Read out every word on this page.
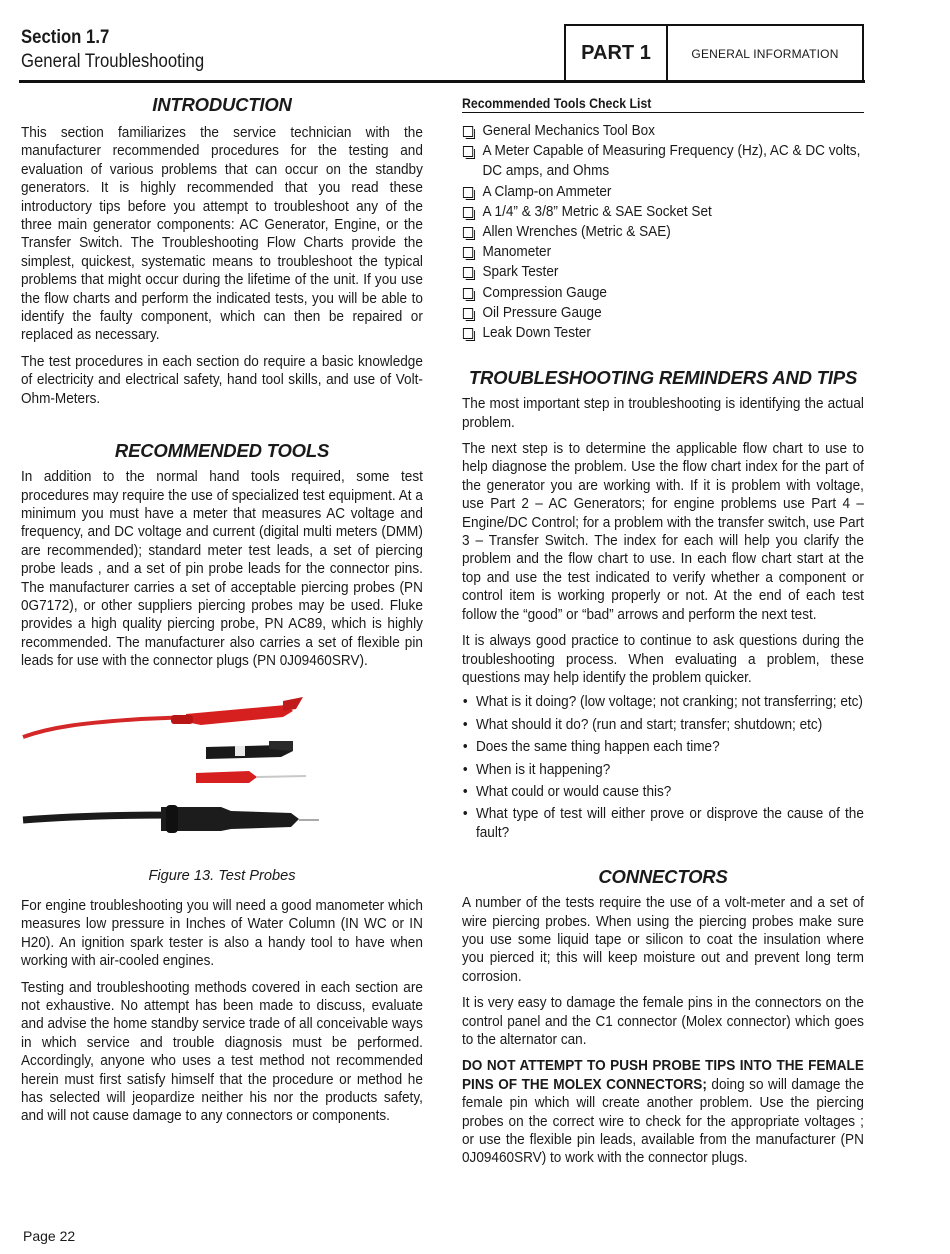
Section 1.7
General Troubleshooting	PART 1	GENERAL INFORMATION
INTRODUCTION

This section familiarizes the service technician with the manufacturer recommended procedures for the testing and evaluation of various problems that can occur on the standby generators. It is highly recommended that you read these introductory tips before you attempt to troubleshoot any of the three main generator components: AC Generator, Engine, or the Transfer Switch. The Troubleshooting Flow Charts provide the simplest, quickest, systematic means to troubleshoot the typical problems that might occur during the lifetime of the unit. If you use the flow charts and perform the indicated tests, you will be able to identify the faulty component, which can then be repaired or replaced as necessary.

The test procedures in each section do require a basic knowledge of electricity and electrical safety, hand tool skills, and use of Volt-Ohm-Meters.

RECOMMENDED TOOLS

In addition to the normal hand tools required, some test procedures may require the use of specialized test equipment. At a minimum you must have a meter that measures AC voltage and frequency, and DC voltage and current (digital multi meters (DMM) are recommended); standard meter test leads, a set of piercing probe leads , and a set of pin probe leads for the connector pins. The manufacturer carries a set of acceptable piercing probes (PN 0G7172), or other suppliers piercing probes may be used. Fluke provides a high quality piercing probe, PN AC89, which is highly recommended. The manufacturer also carries a set of flexible pin leads for use with the connector plugs (PN 0J09460SRV).

Figure 13. Test Probes

For engine troubleshooting you will need a good manometer which measures low pressure in Inches of Water Column (IN WC or IN H20). An ignition spark tester is also a handy tool to have when working with air-cooled engines.

Testing and troubleshooting methods covered in each section are not exhaustive. No attempt has been made to discuss, evaluate and advise the home standby service trade of all conceivable ways in which service and trouble diagnosis must be performed. Accordingly, anyone who uses a test method not recommended herein must first satisfy himself that the procedure or method he has selected will jeopardize neither his nor the products safety, and will not cause damage to any connectors or components.

Recommended Tools Check List
General Mechanics Tool Box
A Meter Capable of Measuring Frequency (Hz), AC & DC volts, DC amps, and Ohms
A Clamp-on Ammeter
A 1/4” & 3/8” Metric & SAE Socket Set
Allen Wrenches (Metric & SAE)
Manometer
Spark Tester
Compression Gauge
Oil Pressure Gauge
Leak Down Tester
TROUBLESHOOTING REMINDERS AND TIPS

The most important step in troubleshooting is identifying the actual problem.

The next step is to determine the applicable flow chart to use to help diagnose the problem. Use the flow chart index for the part of the generator you are working with. If it is problem with voltage, use Part 2 – AC Generators; for engine problems use Part 4 – Engine/DC Control; for a problem with the transfer switch, use Part 3 – Transfer Switch. The index for each will help you clarify the problem and the flow chart to use. In each flow chart start at the top and use the test indicated to verify whether a component or control item is working properly or not. At the end of each test follow the “good” or “bad” arrows and perform the next test.

It is always good practice to continue to ask questions during the troubleshooting process. When evaluating a problem, these questions may help identify the problem quicker.

• What is it doing? (low voltage; not cranking; not transferring; etc)
• What should it do? (run and start; transfer; shutdown; etc)
• Does the same thing happen each time?
• When is it happening?
• What could or would cause this?
• What type of test will either prove or disprove the cause of the fault?
CONNECTORS

A number of the tests require the use of a volt-meter and a set of wire piercing probes. When using the piercing probes make sure you use some liquid tape or silicon to coat the insulation where you pierced it; this will keep moisture out and prevent long term corrosion.

It is very easy to damage the female pins in the connectors on the control panel and the C1 connector (Molex connector) which goes to the alternator can.

DO NOT ATTEMPT TO PUSH PROBE TIPS INTO THE FEMALE PINS OF THE MOLEX CONNECTORS; doing so will damage the female pin which will create another problem. Use the piercing probes on the correct wire to check for the appropriate voltages ; or use the flexible pin leads, available from the manufacturer (PN 0J09460SRV) to work with the connector plugs.

Page 22
